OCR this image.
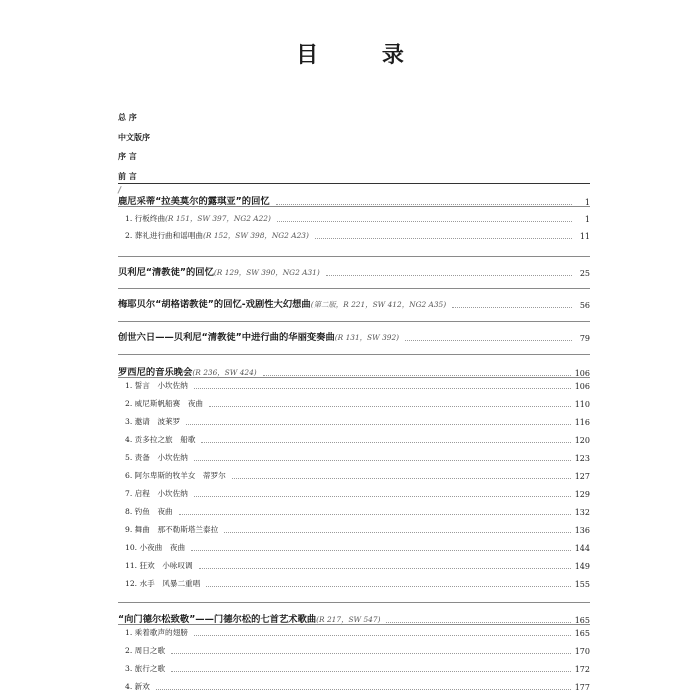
目 录
总 序
中文版序
序 言
前 言
鹿尼采蒂“拉美莫尔的露琪亚”的回忆	1
1. 行板终曲(R 151，SW 397，NG2 A22)	1
2. 葬礼进行曲和谣唱曲(R 152，SW 398，NG2 A23)	11
贝利尼“清教徒”的回忆(R 129，SW 390，NG2 A31)	25
梅耶贝尔“胡格诺教徒”的回忆-戏剧性大幻想曲(第二版，R 221，SW 412，NG2 A35)	56
创世六日——贝利尼“清教徒”中进行曲的华丽变奏曲(R 131，SW 392)	79
罗西尼的音乐晚会(R 236，SW 424)	106
1. 誓言　小坎佐纳	106
2. 威尼斯帆船赛　夜曲	110
3. 邀请　波莱罗	116
4. 贡多拉之旅　船歌	120
5. 责备　小坎佐纳	123
6. 阿尔卑斯的牧羊女　蒂罗尔	127
7. 启程　小坎佐纳	129
8. 钓鱼　夜曲	132
9. 舞曲　那不勒斯塔兰泰拉	136
10. 小夜曲　夜曲	144
11. 狂欢　小咏叹调	149
12. 水手　风暴二重唱	155
“向门德尔松致敬”——门德尔松的七首艺术歌曲(R 217，SW 547)	165
1. 乘着歌声的翅膀	165
2. 周日之歌	170
3. 旅行之歌	172
4. 新欢	177
